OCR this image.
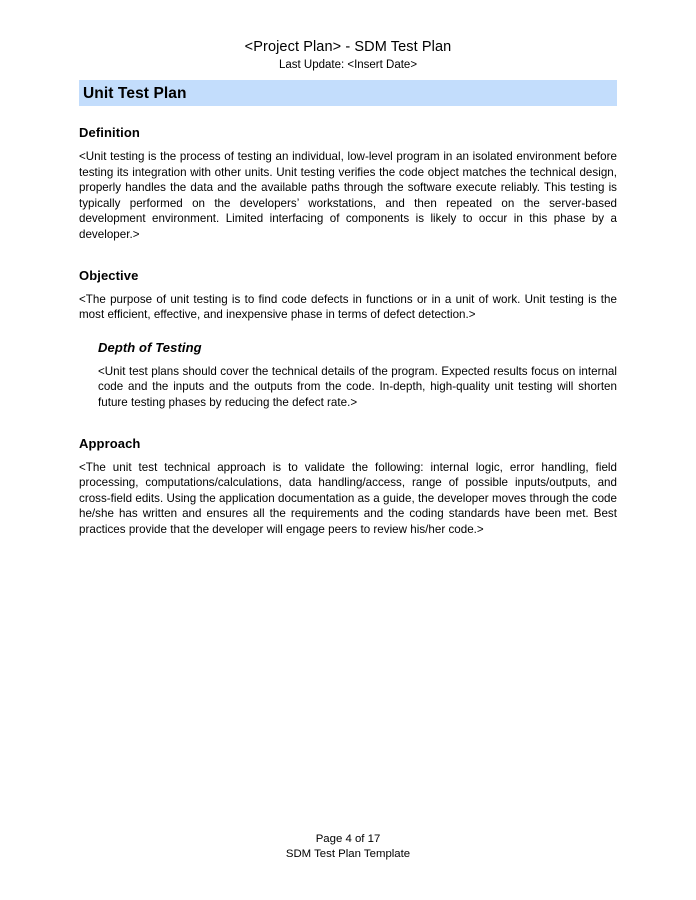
<Project Plan> - SDM Test Plan
Last Update: <Insert Date>
Unit Test Plan
Definition

<Unit testing is the process of testing an individual, low-level program in an isolated environment before testing its integration with other units. Unit testing verifies the code object matches the technical design, properly handles the data and the available paths through the software execute reliably. This testing is typically performed on the developers’ workstations, and then repeated on the server-based development environment. Limited interfacing of components is likely to occur in this phase by a developer.>

Objective

<The purpose of unit testing is to find code defects in functions or in a unit of work. Unit testing is the most efficient, effective, and inexpensive phase in terms of defect detection.>

Depth of Testing

<Unit test plans should cover the technical details of the program. Expected results focus on internal code and the inputs and the outputs from the code. In-depth, high-quality unit testing will shorten future testing phases by reducing the defect rate.>

Approach

<The unit test technical approach is to validate the following: internal logic, error handling, field processing, computations/calculations, data handling/access, range of possible inputs/outputs, and cross-field edits. Using the application documentation as a guide, the developer moves through the code he/she has written and ensures all the requirements and the coding standards have been met. Best practices provide that the developer will engage peers to review his/her code.>

Page 4 of 17
SDM Test Plan Template
